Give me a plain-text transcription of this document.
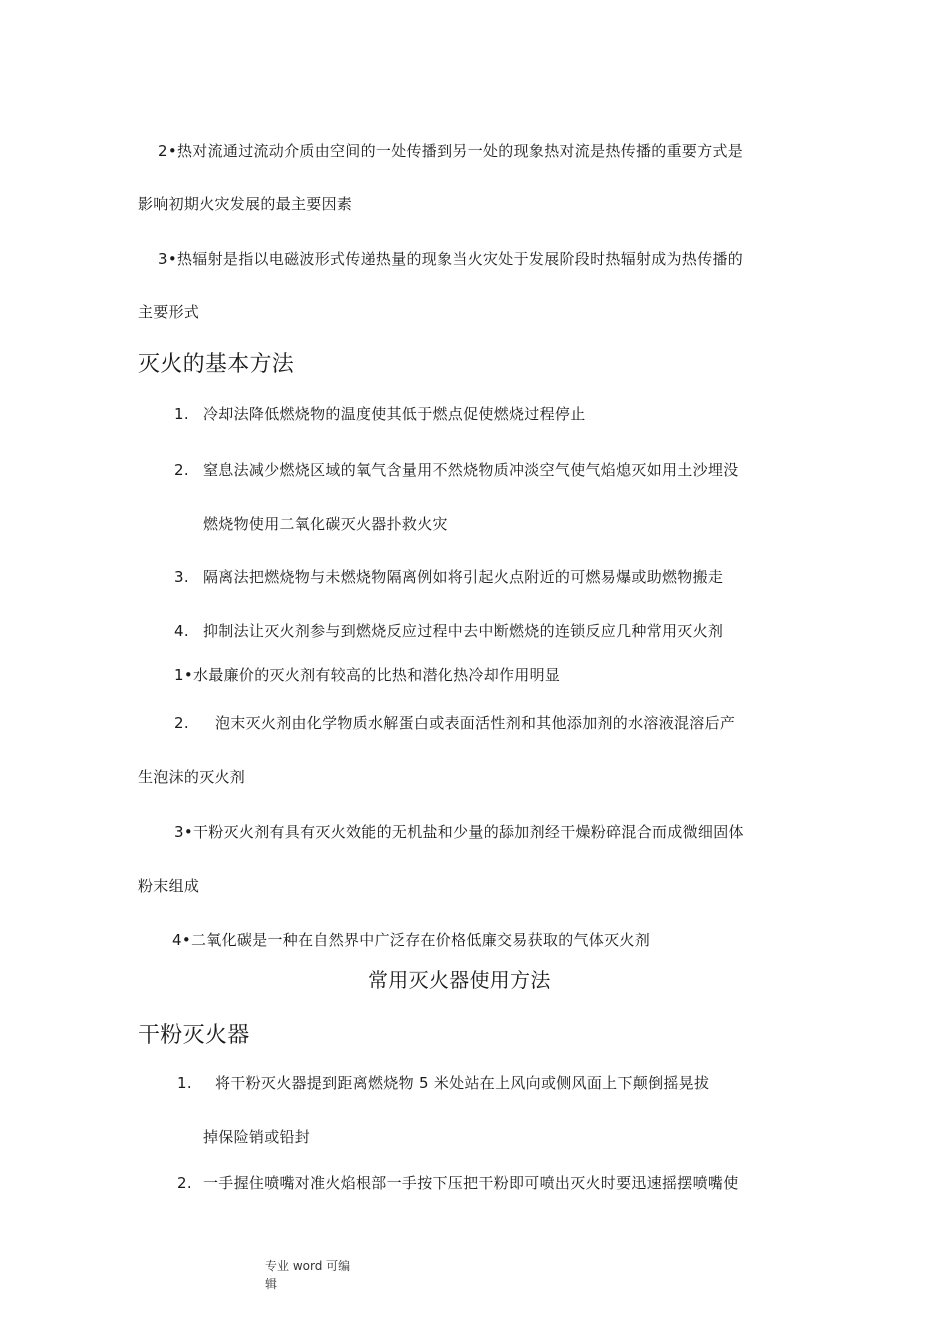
2•热对流通过流动介质由空间的一处传播到另一处的现象热对流是热传播的重要方式是
影响初期火灾发展的最主要因素
3•热辐射是指以电磁波形式传递热量的现象当火灾处于发展阶段时热辐射成为热传播的
主要形式
灭火的基本方法
1. 冷却法降低燃烧物的温度使其低于燃点促使燃烧过程停止
2. 窒息法减少燃烧区域的氧气含量用不然烧物质冲淡空气使气焰熄灭如用土沙埋没
燃烧物使用二氧化碳灭火器扑救火灾
3. 隔离法把燃烧物与未燃烧物隔离例如将引起火点附近的可燃易爆或助燃物搬走
4. 抑制法让灭火剂参与到燃烧反应过程中去中断燃烧的连锁反应几种常用灭火剂
1•水最廉价的灭火剂有较高的比热和潜化热冷却作用明显
2. 泡末灭火剂由化学物质水解蛋白或表面活性剂和其他添加剂的水溶液混溶后产
生泡沫的灭火剂
3•干粉灭火剂有具有灭火效能的无机盐和少量的舔加剂经干燥粉碎混合而成微细固体
粉末组成
4•二氧化碳是一种在自然界中广泛存在价格低廉交易获取的气体灭火剂
常用灭火器使用方法
干粉灭火器
1. 将干粉灭火器提到距离燃烧物 5 米处站在上风向或侧风面上下颠倒摇晃拔
掉保险销或铅封
2. 一手握住喷嘴对准火焰根部一手按下压把干粉即可喷出灭火时要迅速摇摆喷嘴使
专业 word 可编
辑
